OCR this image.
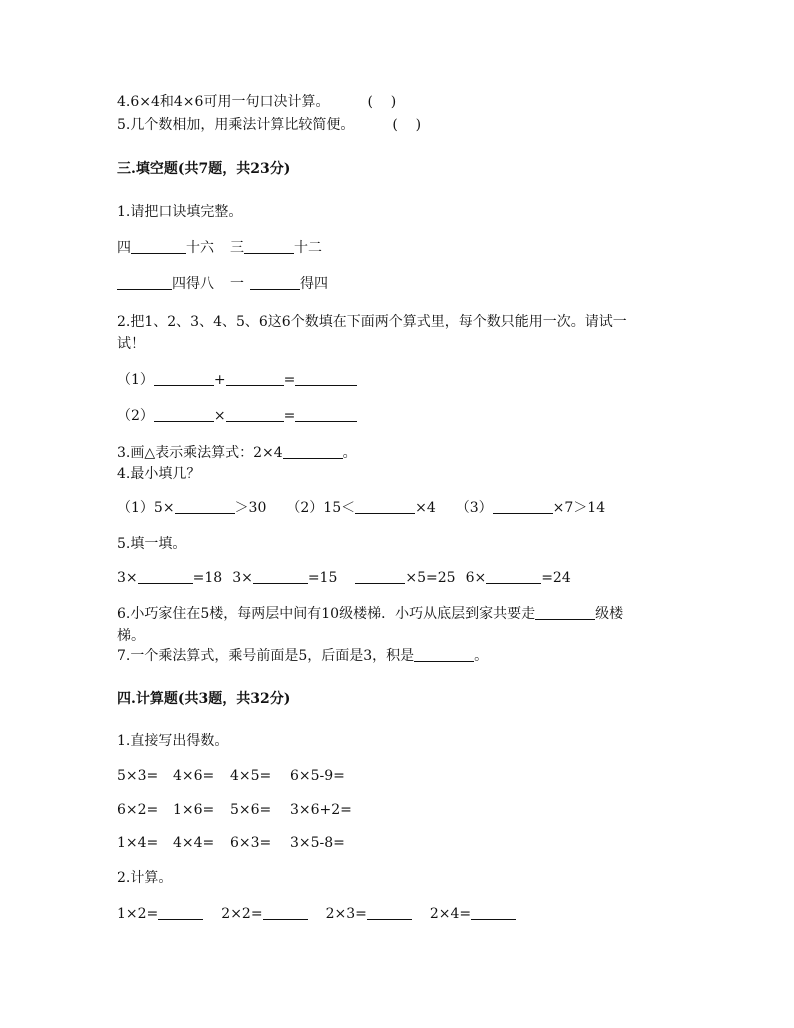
4.6×4和4×6可用一句口决计算。	(    )
5.几个数相加，用乘法计算比较简便。	(    )
三.填空题(共7题，共23分)
1.请把口诀填完整。
四	十六 三	十二
四得八 一	得四
2.把1、2、3、4、5、6这6个数填在下面两个算式里，每个数只能用一次。请试一
试！
（1）	+	=
（2）	×	=
3.画△表示乘法算式：2×4	。
4.最小填几？
（1）5×	＞30 （2）15＜	×4 （3）	×7＞14
5.填一填。
3×	=18 3×	=15	×5=25 6×	=24
6.小巧家住在5楼，每两层中间有10级楼梯．小巧从底层到家共要走	级楼
梯。
7.一个乘法算式，乘号前面是5，后面是3，积是	。
四.计算题(共3题，共32分)
1.直接写出得数。
5×3= 4×6= 4×5= 6×5-9=
6×2= 1×6= 5×6= 3×6+2=
1×4= 4×4= 6×3= 3×5-8=
2.计算。
1×2=	2×2=	2×3=	2×4=
